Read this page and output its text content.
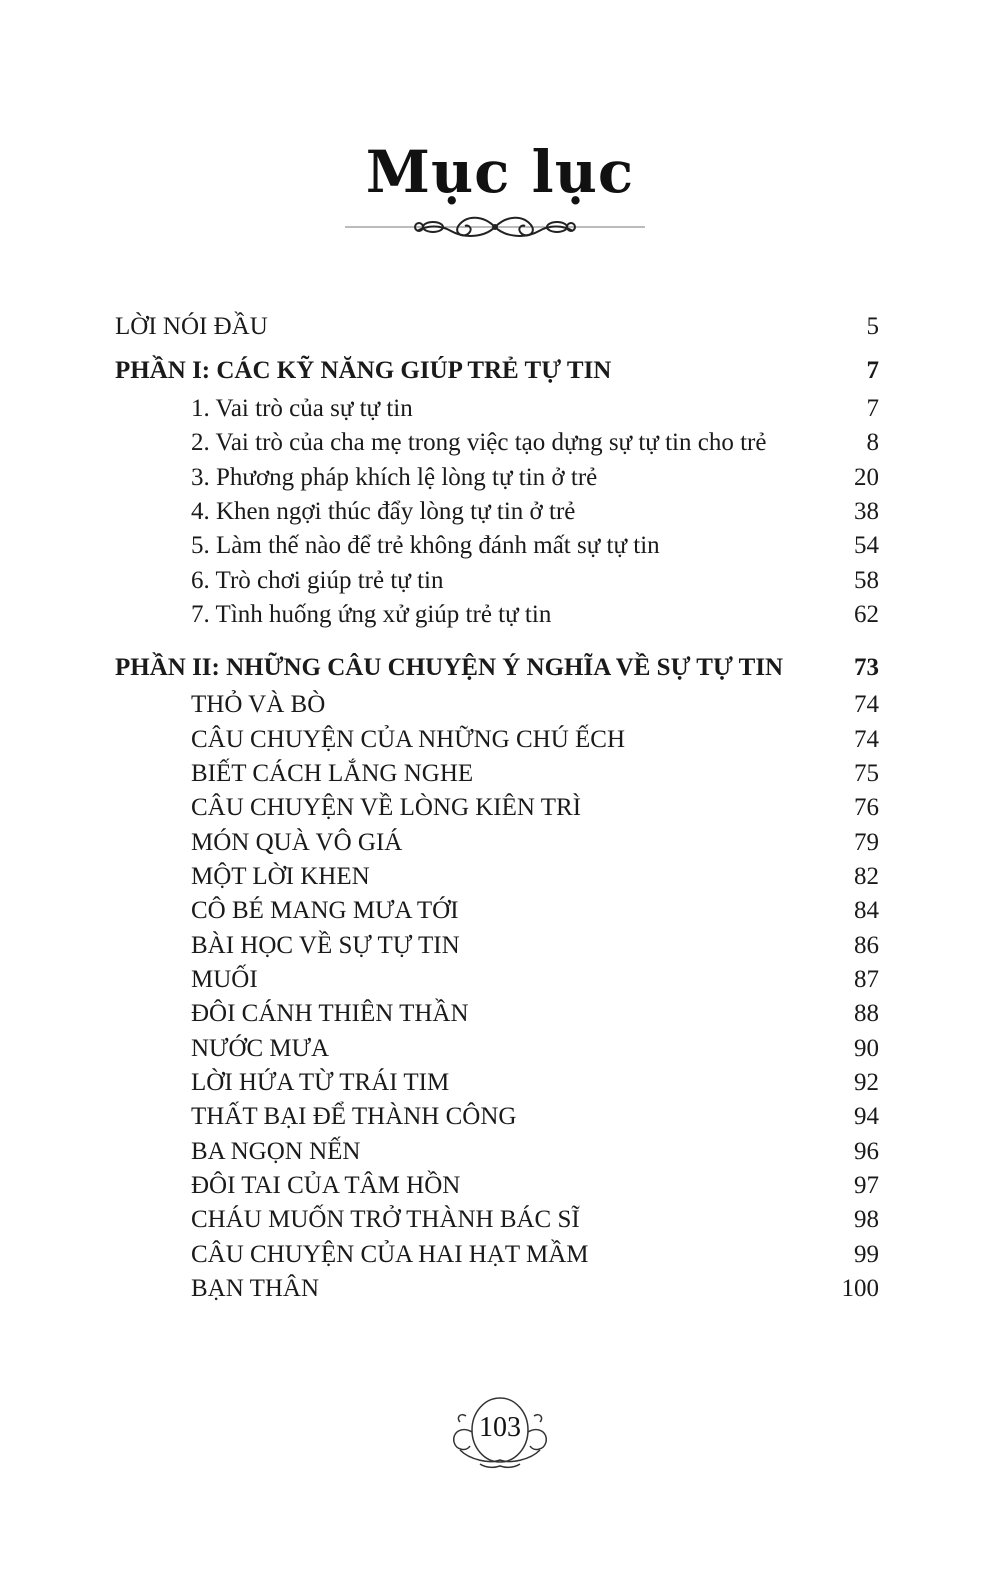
Mục lục
LỜI NÓI ĐẦU	5
PHẦN I: CÁC KỸ NĂNG GIÚP TRẺ TỰ TIN	7
1. Vai trò của sự tự tin	7
2. Vai trò của cha mẹ trong việc tạo dựng sự tự tin cho trẻ	8
3. Phương pháp khích lệ lòng tự tin ở trẻ	20
4. Khen ngợi thúc đẩy lòng tự tin ở trẻ	38
5. Làm thế nào để trẻ không đánh mất sự tự tin	54
6. Trò chơi giúp trẻ tự tin	58
7. Tình huống ứng xử giúp trẻ tự tin	62
PHẦN II: NHỮNG CÂU CHUYỆN Ý NGHĨA VỀ SỰ TỰ TIN	73
THỎ VÀ BÒ	74
CÂU CHUYỆN CỦA NHỮNG CHÚ ẾCH	74
BIẾT CÁCH LẮNG NGHE	75
CÂU CHUYỆN VỀ LÒNG KIÊN TRÌ	76
MÓN QUÀ VÔ GIÁ	79
MỘT LỜI KHEN	82
CÔ BÉ MANG MƯA TỚI	84
BÀI HỌC VỀ SỰ TỰ TIN	86
MUỐI	87
ĐÔI CÁNH THIÊN THẦN	88
NƯỚC MƯA	90
LỜI HỨA TỪ TRÁI TIM	92
THẤT BẠI ĐỂ THÀNH CÔNG	94
BA NGỌN NẾN	96
ĐÔI TAI CỦA TÂM HỒN	97
CHÁU MUỐN TRỞ THÀNH BÁC SĨ	98
CÂU CHUYỆN CỦA HAI HẠT MẦM	99
BẠN THÂN	100
103
